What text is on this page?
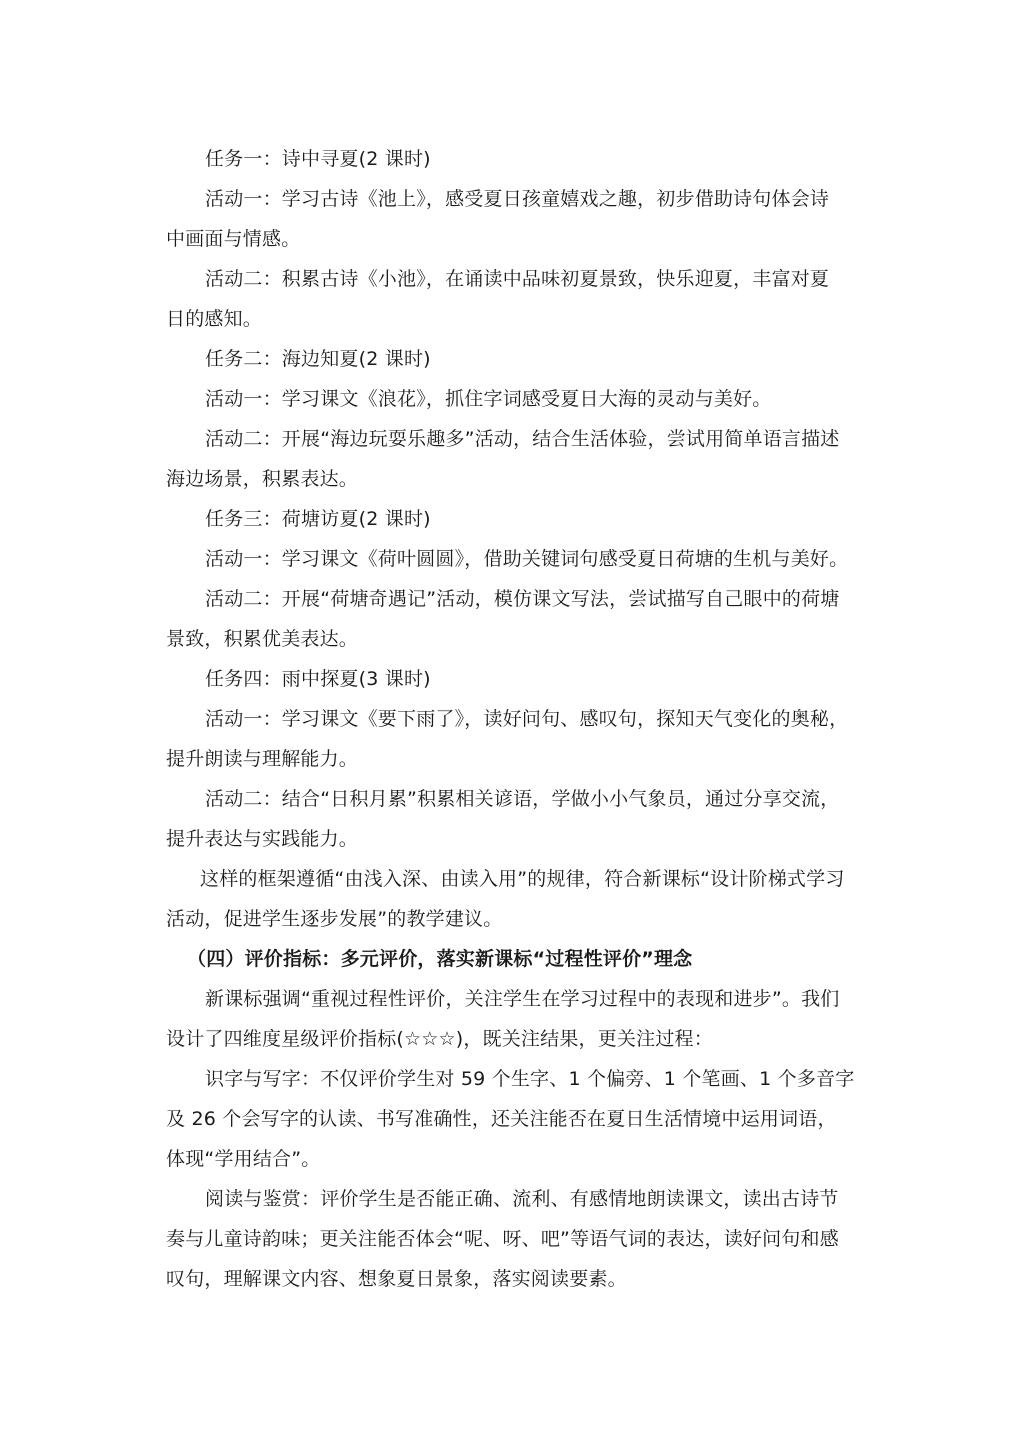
任务一：诗中寻夏(2 课时)
活动一：学习古诗《池上》，感受夏日孩童嬉戏之趣，初步借助诗句体会诗
中画面与情感。
活动二：积累古诗《小池》，在诵读中品味初夏景致，快乐迎夏，丰富对夏
日的感知。
任务二：海边知夏(2 课时)
活动一：学习课文《浪花》，抓住字词感受夏日大海的灵动与美好。
活动二：开展“海边玩耍乐趣多”活动，结合生活体验，尝试用简单语言描述
海边场景，积累表达。
任务三：荷塘访夏(2 课时)
活动一：学习课文《荷叶圆圆》，借助关键词句感受夏日荷塘的生机与美好。
活动二：开展“荷塘奇遇记”活动，模仿课文写法，尝试描写自己眼中的荷塘
景致，积累优美表达。
任务四：雨中探夏(3 课时)
活动一：学习课文《要下雨了》，读好问句、感叹句，探知天气变化的奥秘，
提升朗读与理解能力。
活动二：结合“日积月累”积累相关谚语，学做小小气象员，通过分享交流，
提升表达与实践能力。
这样的框架遵循“由浅入深、由读入用”的规律，符合新课标“设计阶梯式学习
活动，促进学生逐步发展”的教学建议。
（四）评价指标：多元评价，落实新课标“过程性评价”理念
新课标强调“重视过程性评价，关注学生在学习过程中的表现和进步”。我们
设计了四维度星级评价指标(☆☆☆)，既关注结果，更关注过程：
识字与写字：不仅评价学生对 59 个生字、1 个偏旁、1 个笔画、1 个多音字
及 26 个会写字的认读、书写准确性，还关注能否在夏日生活情境中运用词语，
体现“学用结合”。
阅读与鉴赏：评价学生是否能正确、流利、有感情地朗读课文，读出古诗节
奏与儿童诗韵味；更关注能否体会“呢、呀、吧”等语气词的表达，读好问句和感
叹句，理解课文内容、想象夏日景象，落实阅读要素。
